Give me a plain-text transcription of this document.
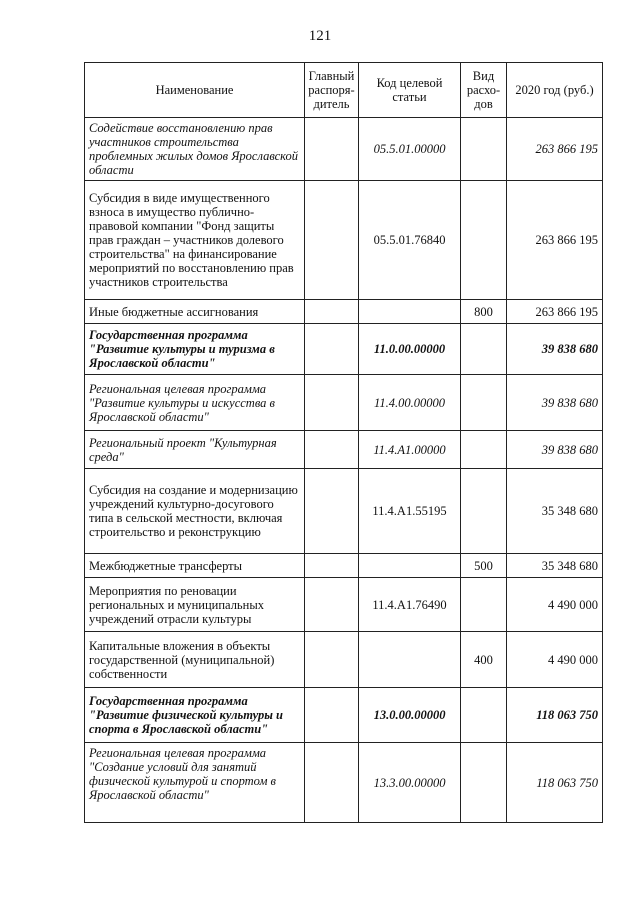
121
Наименование	Главный распоря-дитель	Код целевой статьи	Вид расхо-дов	2020 год (руб.)
Содействие восстановлению прав участников строительства проблемных жилых домов Ярославской области		05.5.01.00000		263 866 195
Субсидия в виде имущественного взноса в имущество публично-правовой компании "Фонд защиты прав граждан – участников долевого строительства" на финансирование мероприятий по восстановлению прав участников строительства		05.5.01.76840		263 866 195
Иные бюджетные ассигнования			800	263 866 195
Государственная программа "Развитие культуры и туризма в Ярославской области"		11.0.00.00000		39 838 680
Региональная целевая программа "Развитие культуры и искусства в Ярославской области"		11.4.00.00000		39 838 680
Региональный проект "Культурная среда"		11.4.А1.00000		39 838 680
Субсидия на создание и модернизацию учреждений культурно-досугового типа в сельской местности, включая строительство и реконструкцию		11.4.А1.55195		35 348 680
Межбюджетные трансферты			500	35 348 680
Мероприятия по реновации региональных и муниципальных учреждений отрасли культуры		11.4.А1.76490		4 490 000
Капитальные вложения в объекты государственной (муниципальной) собственности			400	4 490 000
Государственная программа "Развитие физической культуры и спорта в Ярославской области"		13.0.00.00000		118 063 750
Региональная целевая программа "Создание условий для занятий физической культурой и спортом в Ярославской области"		13.3.00.00000		118 063 750
